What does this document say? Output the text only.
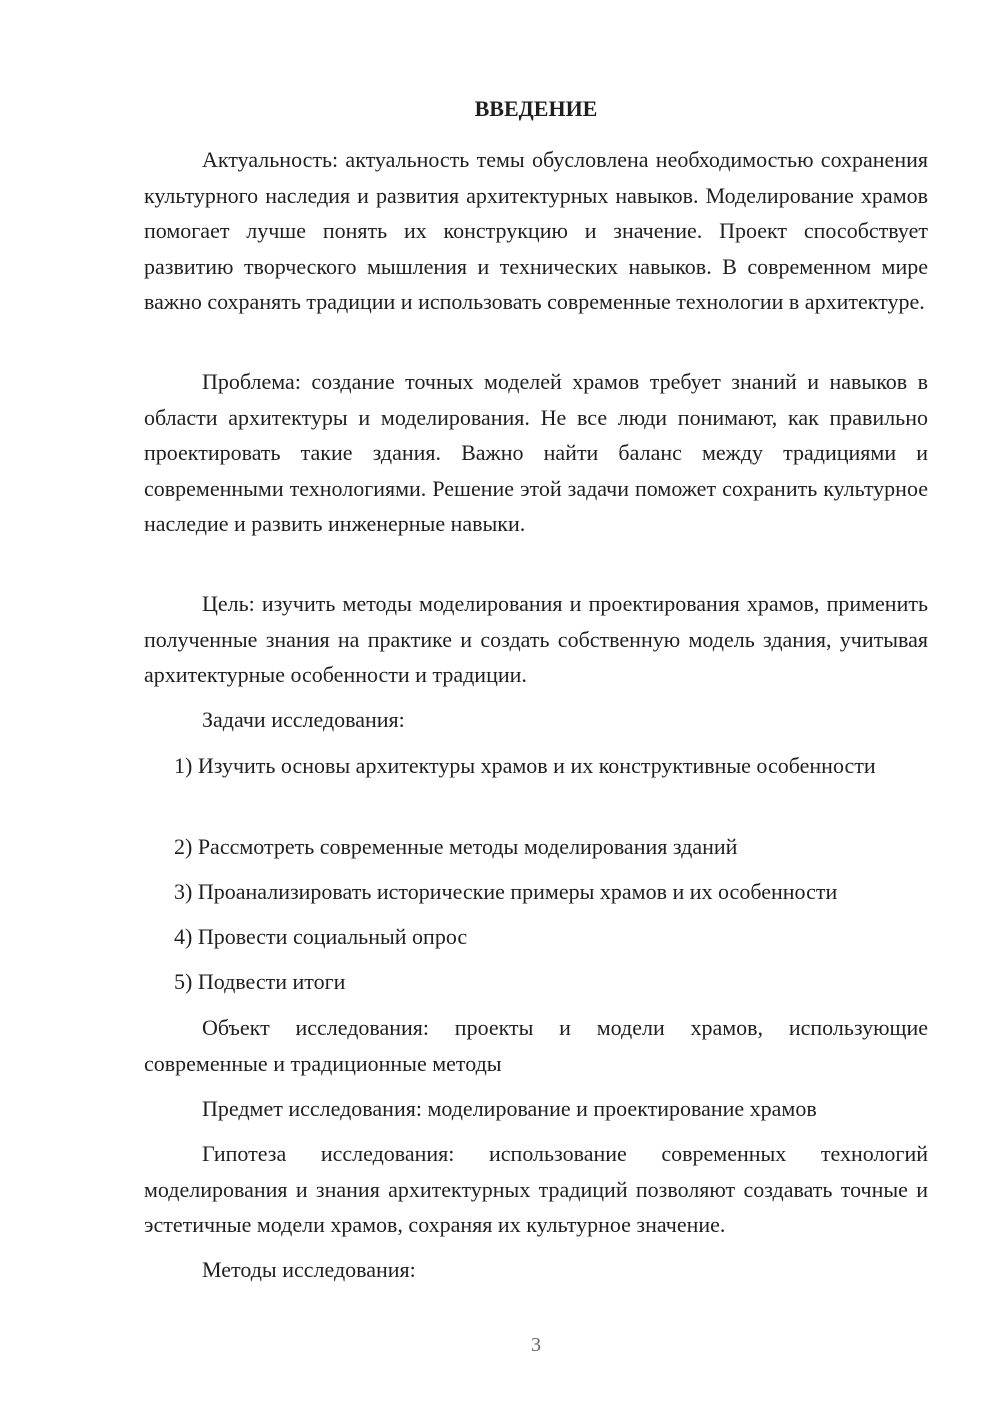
ВВЕДЕНИЕ
Актуальность: актуальность темы обусловлена необходимостью сохранения культурного наследия и развития архитектурных навыков. Моделирование храмов помогает лучше понять их конструкцию и значение. Проект способствует развитию творческого мышления и технических навыков. В современном мире важно сохранять традиции и использовать современные технологии в архитектуре.
Проблема: создание точных моделей храмов требует знаний и навыков в области архитектуры и моделирования. Не все люди понимают, как правильно проектировать такие здания. Важно найти баланс между традициями и современными технологиями. Решение этой задачи поможет сохранить культурное наследие и развить инженерные навыки.
Цель: изучить методы моделирования и проектирования храмов, применить полученные знания на практике и создать собственную модель здания, учитывая архитектурные особенности и традиции.
Задачи исследования:
1) Изучить основы архитектуры храмов и их конструктивные особенности
2) Рассмотреть современные методы моделирования зданий
3) Проанализировать исторические примеры храмов и их особенности
4) Провести социальный опрос
5) Подвести итоги
Объект исследования: проекты и модели храмов, использующие современные и традиционные методы
Предмет исследования: моделирование и проектирование храмов
Гипотеза исследования: использование современных технологий моделирования и знания архитектурных традиций позволяют создавать точные и эстетичные модели храмов, сохраняя их культурное значение.
Методы исследования:
3
